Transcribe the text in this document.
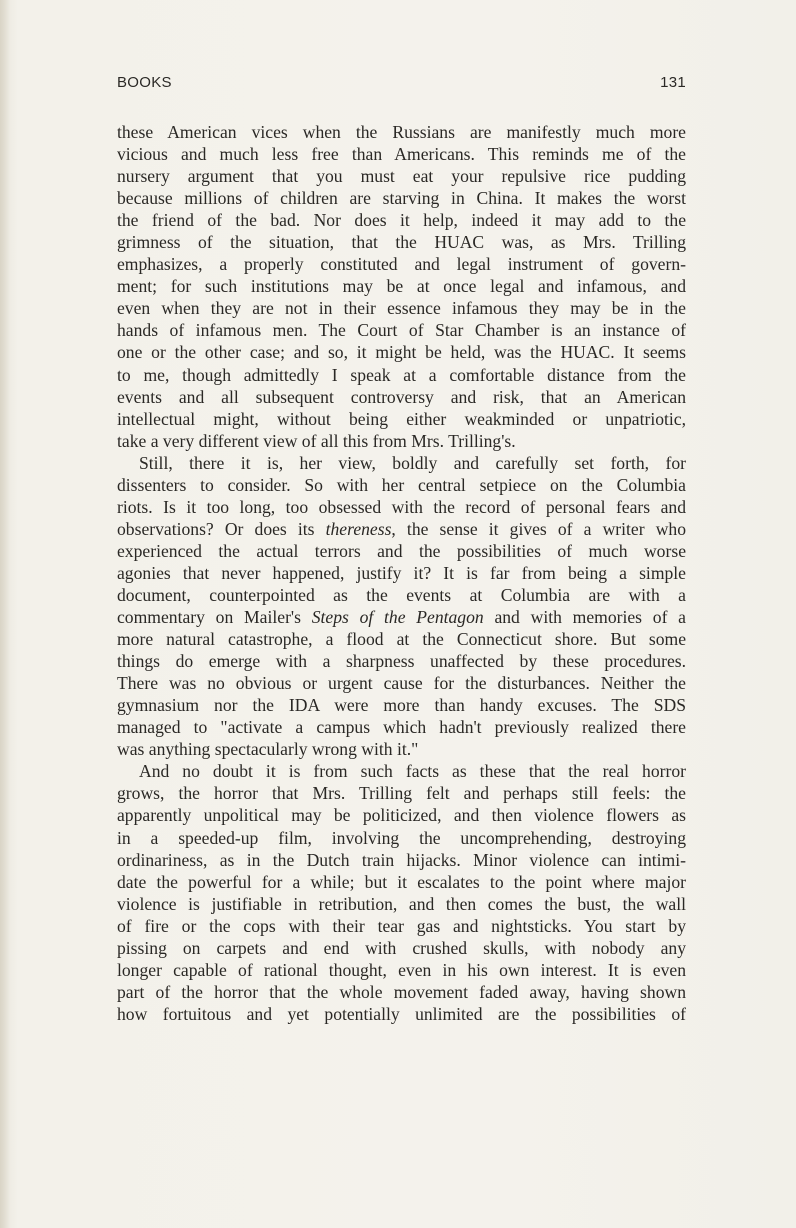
BOOKS	131
these American vices when the Russians are manifestly much more
vicious and much less free than Americans. This reminds me of the
nursery argument that you must eat your repulsive rice pudding
because millions of children are starving in China. It makes the worst
the friend of the bad. Nor does it help, indeed it may add to the
grimness of the situation, that the HUAC was, as Mrs. Trilling
emphasizes, a properly constituted and legal instrument of govern-
ment; for such institutions may be at once legal and infamous, and
even when they are not in their essence infamous they may be in the
hands of infamous men. The Court of Star Chamber is an instance of
one or the other case; and so, it might be held, was the HUAC. It seems
to me, though admittedly I speak at a comfortable distance from the
events and all subsequent controversy and risk, that an American
intellectual might, without being either weakminded or unpatriotic,
take a very different view of all this from Mrs. Trilling's.
Still, there it is, her view, boldly and carefully set forth, for
dissenters to consider. So with her central setpiece on the Columbia
riots. Is it too long, too obsessed with the record of personal fears and
observations? Or does its thereness, the sense it gives of a writer who
experienced the actual terrors and the possibilities of much worse
agonies that never happened, justify it? It is far from being a simple
document, counterpointed as the events at Columbia are with a
commentary on Mailer's Steps of the Pentagon and with memories of a
more natural catastrophe, a flood at the Connecticut shore. But some
things do emerge with a sharpness unaffected by these procedures.
There was no obvious or urgent cause for the disturbances. Neither the
gymnasium nor the IDA were more than handy excuses. The SDS
managed to "activate a campus which hadn't previously realized there
was anything spectacularly wrong with it."
And no doubt it is from such facts as these that the real horror
grows, the horror that Mrs. Trilling felt and perhaps still feels: the
apparently unpolitical may be politicized, and then violence flowers as
in a speeded-up film, involving the uncomprehending, destroying
ordinariness, as in the Dutch train hijacks. Minor violence can intimi-
date the powerful for a while; but it escalates to the point where major
violence is justifiable in retribution, and then comes the bust, the wall
of fire or the cops with their tear gas and nightsticks. You start by
pissing on carpets and end with crushed skulls, with nobody any
longer capable of rational thought, even in his own interest. It is even
part of the horror that the whole movement faded away, having shown
how fortuitous and yet potentially unlimited are the possibilities of
